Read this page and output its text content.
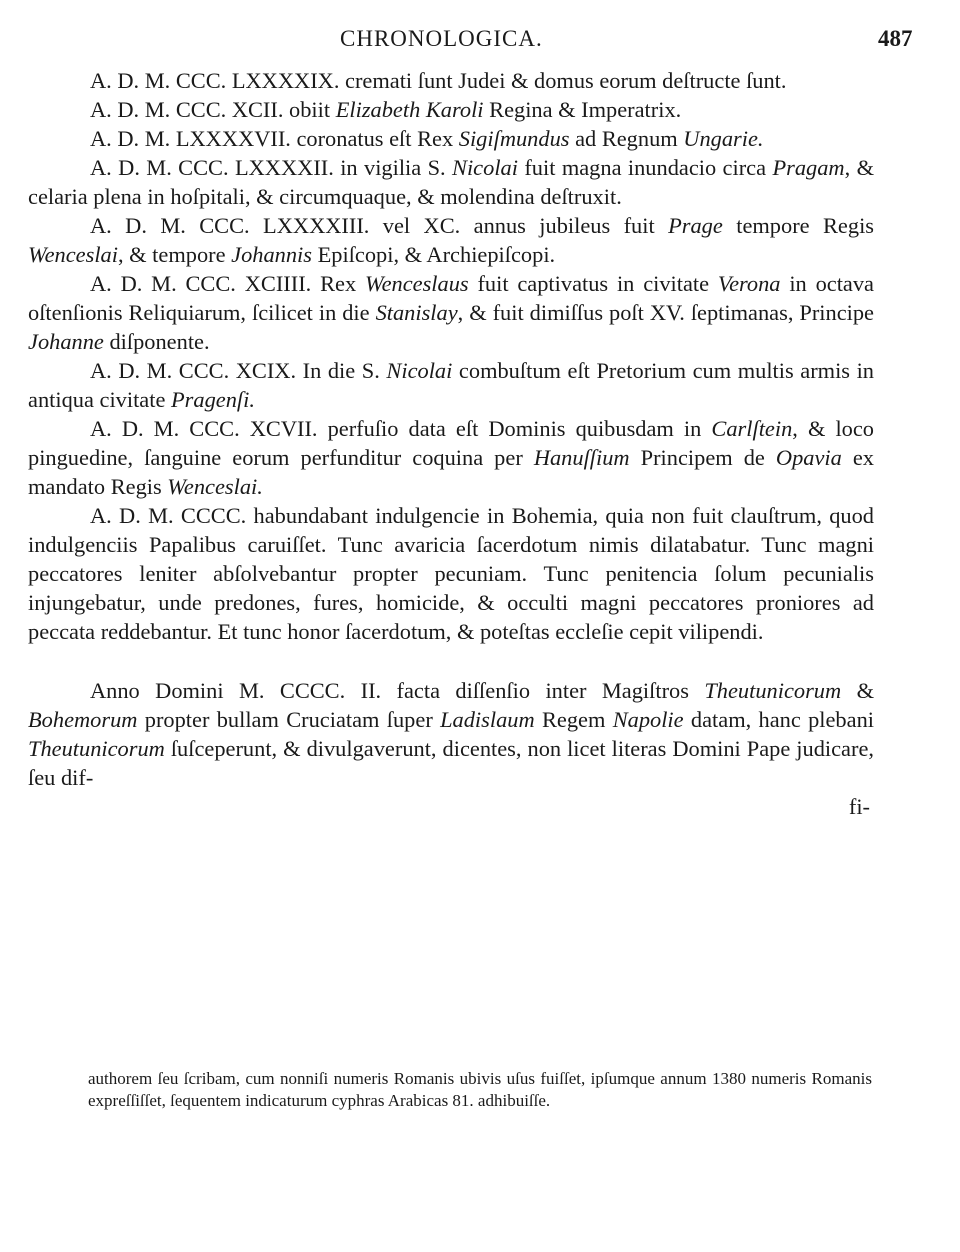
CHRONOLOGICA.	487

A. D. M. CCC. LXXXXIX. cremati ſunt Judei & domus eorum deſtructe ſunt.

A. D. M. CCC. XCII. obiit Elizabeth Karoli Regina & Imperatrix.

A. D. M. LXXXXVII. coronatus eſt Rex Sigiſmundus ad Regnum Ungarie.

A. D. M. CCC. LXXXXII. in vigilia S. Nicolai fuit magna inundacio circa Pragam, & celaria plena in hoſpitali, & circumquaque, & molendina deſtruxit.

A. D. M. CCC. LXXXXIII. vel XC. annus jubileus fuit Prage tempore Regis Wenceslai, & tempore Johannis Epiſcopi, & Archiepiſcopi.

A. D. M. CCC. XCIIII. Rex Wenceslaus fuit captivatus in civitate Verona in octava oſtenſionis Reliquiarum, ſcilicet in die Stanislay, & fuit dimiſſus poſt XV. ſeptimanas, Principe Johanne diſponente.

A. D. M. CCC. XCIX. In die S. Nicolai combuſtum eſt Pretorium cum multis armis in antiqua civitate Pragenſi.

A. D. M. CCC. XCVII. perfuſio data eſt Dominis quibusdam in Carlſtein, & loco pinguedine, ſanguine eorum perfunditur coquina per Hanuſſium Principem de Opavia ex mandato Regis Wenceslai.

A. D. M. CCCC. habundabant indulgencie in Bohemia, quia non fuit clauſtrum, quod indulgenciis Papalibus caruiſſet. Tunc avaricia ſacerdotum nimis dilatabatur. Tunc magni peccatores leniter abſolvebantur propter pecuniam. Tunc penitencia ſolum pecunialis injungebatur, unde predones, fures, homicide, & occulti magni peccatores proniores ad peccata reddebantur. Et tunc honor ſacerdotum, & poteſtas eccleſie cepit vilipendi.

Anno Domini M. CCCC. II. facta diſſenſio inter Magiſtros Theutunicorum & Bohemorum propter bullam Cruciatam ſuper Ladislaum Regem Napolie datam, hanc plebani Theutunicorum ſuſceperunt, & divulgaverunt, dicentes, non licet literas Domini Pape judicare, ſeu dif-

fi-

authorem ſeu ſcribam, cum nonniſi numeris Romanis ubivis uſus fuiſſet, ipſumque annum 1380 numeris Romanis expreſſiſſet, ſequentem indicaturum cyphras Arabicas 81. adhibuiſſe.
